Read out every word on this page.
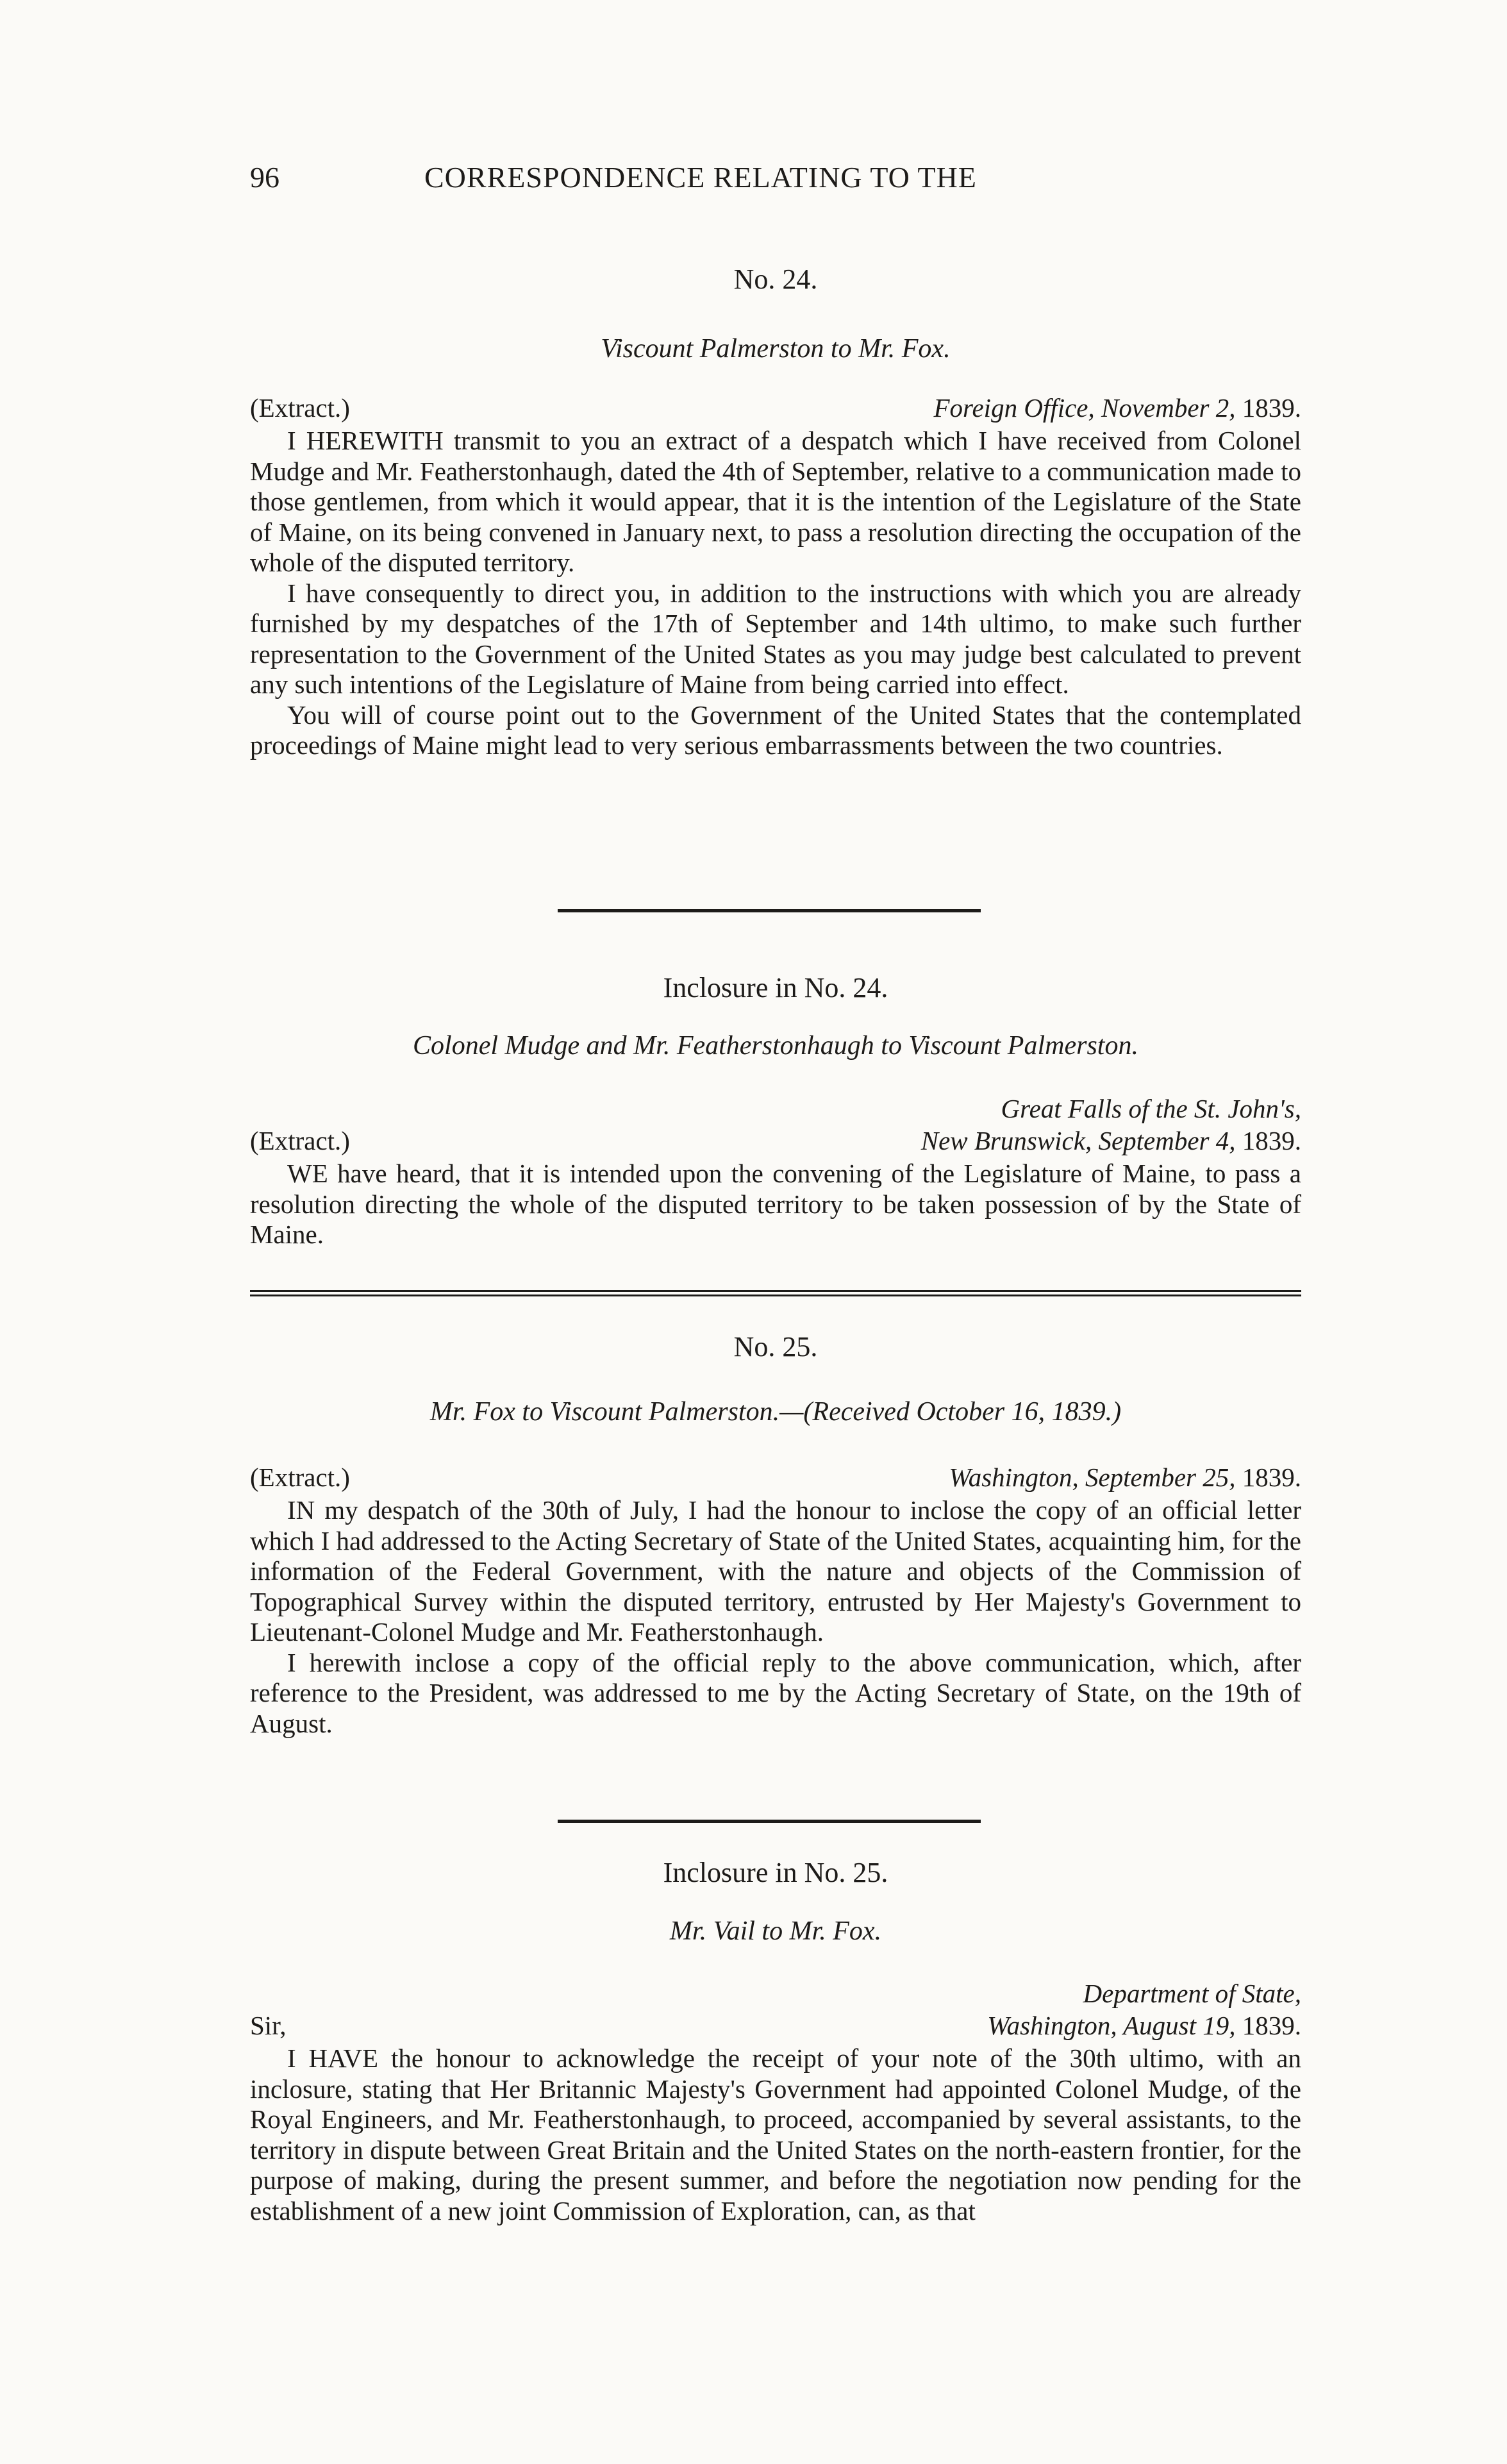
96	CORRESPONDENCE RELATING TO THE
No. 24.
Viscount Palmerston to Mr. Fox.
(Extract.)	Foreign Office, November 2, 1839.

I HEREWITH transmit to you an extract of a despatch which I have received from Colonel Mudge and Mr. Featherstonhaugh, dated the 4th of September, relative to a communication made to those gentlemen, from which it would appear, that it is the intention of the Legislature of the State of Maine, on its being convened in January next, to pass a resolution directing the occupation of the whole of the disputed territory.

I have consequently to direct you, in addition to the instructions with which you are already furnished by my despatches of the 17th of September and 14th ultimo, to make such further representation to the Government of the United States as you may judge best calculated to prevent any such intentions of the Legislature of Maine from being carried into effect.

You will of course point out to the Government of the United States that the contemplated proceedings of Maine might lead to very serious embarrassments between the two countries.

Inclosure in No. 24.
Colonel Mudge and Mr. Featherstonhaugh to Viscount Palmerston.
Great Falls of the St. John's,
(Extract.)	New Brunswick, September 4, 1839.

WE have heard, that it is intended upon the convening of the Legislature of Maine, to pass a resolution directing the whole of the disputed territory to be taken possession of by the State of Maine.

No. 25.
Mr. Fox to Viscount Palmerston.—(Received October 16, 1839.)
(Extract.)	Washington, September 25, 1839.

IN my despatch of the 30th of July, I had the honour to inclose the copy of an official letter which I had addressed to the Acting Secretary of State of the United States, acquainting him, for the information of the Federal Government, with the nature and objects of the Commission of Topographical Survey within the disputed territory, entrusted by Her Majesty's Government to Lieutenant-Colonel Mudge and Mr. Featherstonhaugh.

I herewith inclose a copy of the official reply to the above communication, which, after reference to the President, was addressed to me by the Acting Secretary of State, on the 19th of August.

Inclosure in No. 25.
Mr. Vail to Mr. Fox.
Department of State,
Sir,	Washington, August 19, 1839.

I HAVE the honour to acknowledge the receipt of your note of the 30th ultimo, with an inclosure, stating that Her Britannic Majesty's Government had appointed Colonel Mudge, of the Royal Engineers, and Mr. Featherstonhaugh, to proceed, accompanied by several assistants, to the territory in dispute between Great Britain and the United States on the north-eastern frontier, for the purpose of making, during the present summer, and before the negotiation now pending for the establishment of a new joint Commission of Exploration, can, as that
